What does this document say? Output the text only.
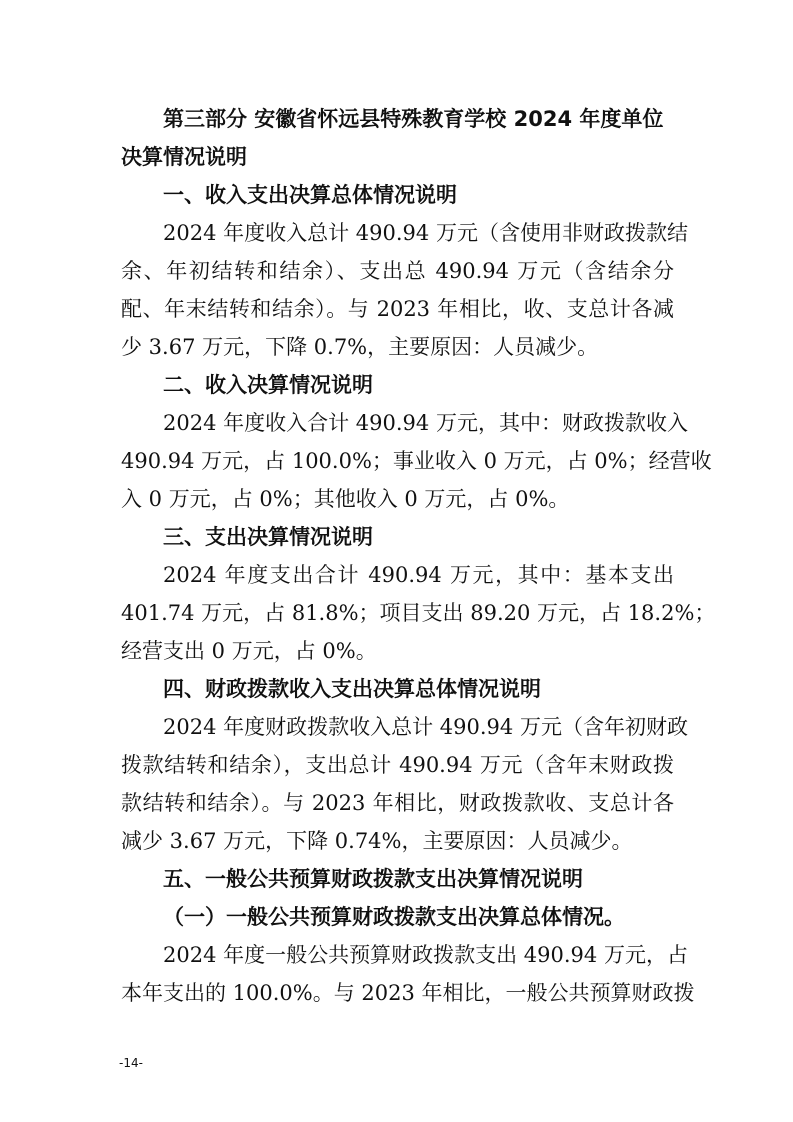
第三部分 安徽省怀远县特殊教育学校 2024 年度单位
决算情况说明
一、收入支出决算总体情况说明
2024 年度收入总计 490.94 万元（含使用非财政拨款结
余、年初结转和结余）、支出总 490.94 万元（含结余分
配、年末结转和结余）。与 2023 年相比，收、支总计各减
少 3.67 万元，下降 0.7%，主要原因：人员减少。
二、收入决算情况说明
2024 年度收入合计 490.94 万元，其中：财政拨款收入
490.94 万元，占 100.0%；事业收入 0 万元，占 0%；经营收
入 0 万元，占 0%；其他收入 0 万元，占 0%。
三、支出决算情况说明
2024 年度支出合计 490.94 万元，其中：基本支出
401.74 万元，占 81.8%；项目支出 89.20 万元，占 18.2%；
经营支出 0 万元，占 0%。
四、财政拨款收入支出决算总体情况说明
2024 年度财政拨款收入总计 490.94 万元（含年初财政
拨款结转和结余），支出总计 490.94 万元（含年末财政拨
款结转和结余）。与 2023 年相比，财政拨款收、支总计各
减少 3.67 万元，下降 0.74%，主要原因：人员减少。
五、一般公共预算财政拨款支出决算情况说明
（一）一般公共预算财政拨款支出决算总体情况。
2024 年度一般公共预算财政拨款支出 490.94 万元，占
本年支出的 100.0%。与 2023 年相比，一般公共预算财政拨
-14-
